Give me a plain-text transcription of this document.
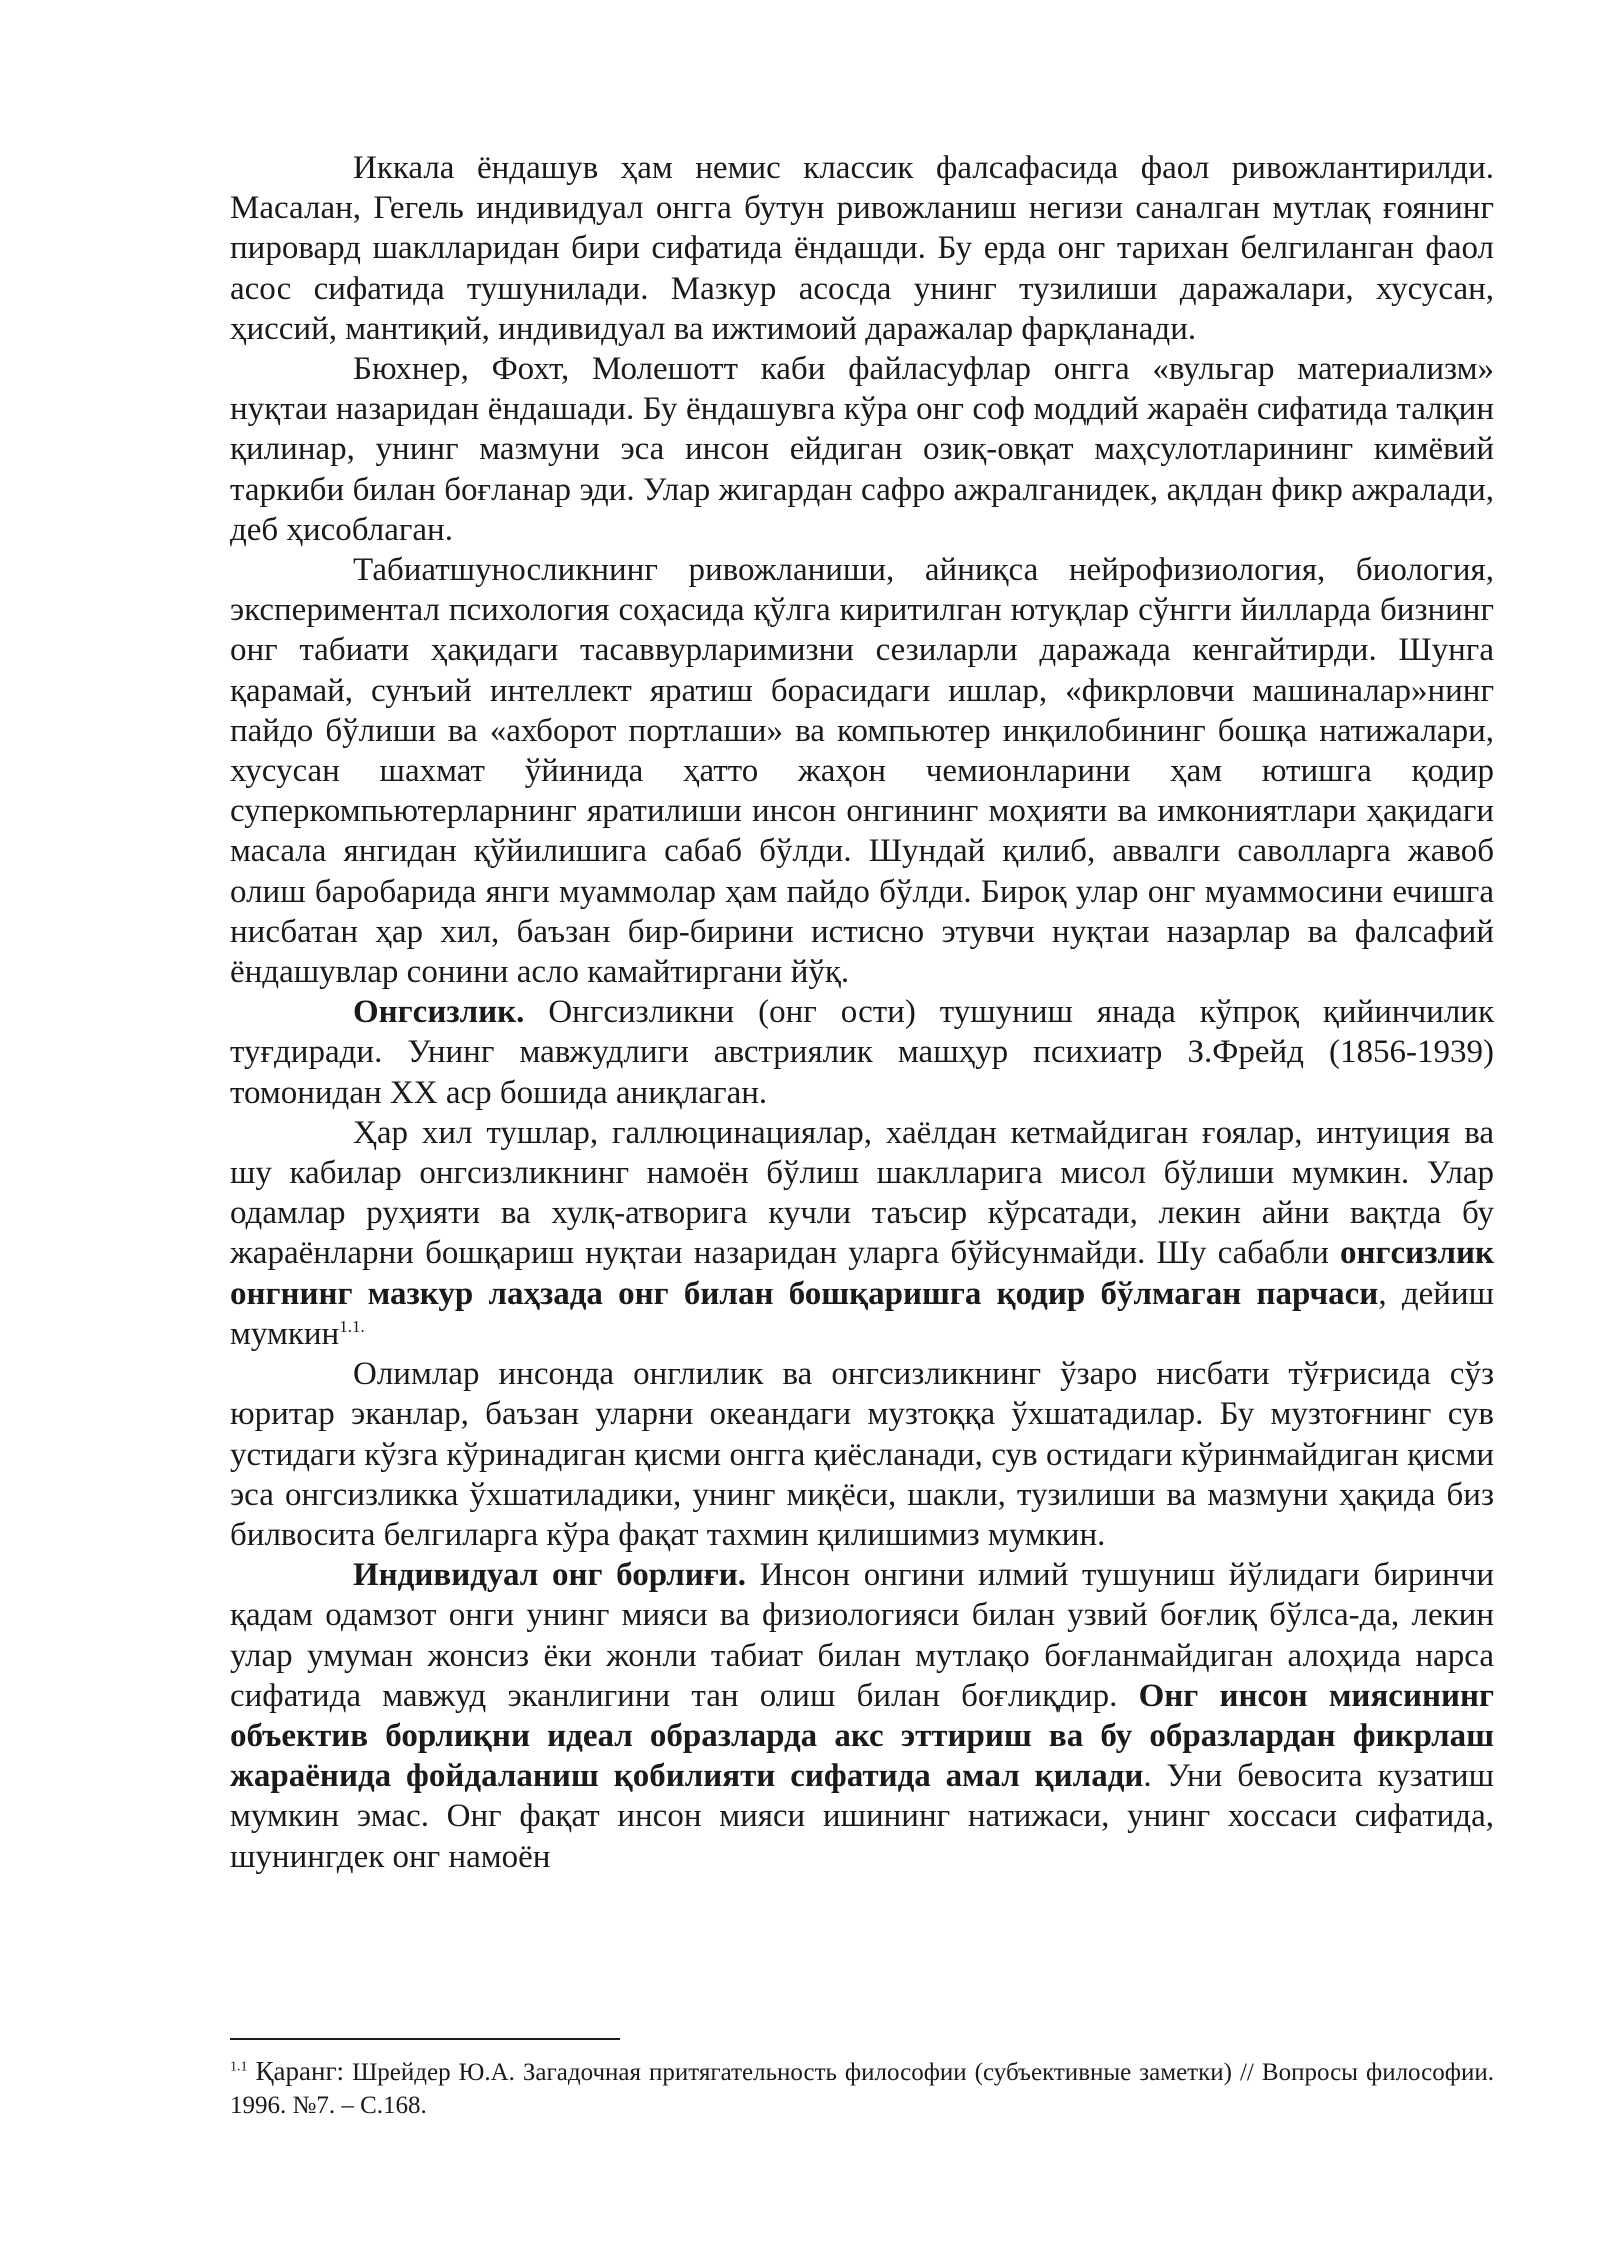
Иккала ёндашув ҳам немис классик фалсафасида фаол ривожлантирилди. Масалан, Гегель индивидуал онгга бутун ривожланиш негизи саналган мутлақ ғоянинг пировард шаклларидан бири сифатида ёндашди. Бу ерда онг тарихан белгиланган фаол асос сифатида тушунилади. Мазкур асосда унинг тузилиши даражалари, хусусан, ҳиссий, мантиқий, индивидуал ва ижтимоий даражалар фарқланади.

Бюхнер, Фохт, Молешотт каби файласуфлар онгга «вульгар материализм» нуқтаи назаридан ёндашади. Бу ёндашувга кўра онг соф моддий жараён сифатида талқин қилинар, унинг мазмуни эса инсон ейдиган озиқ-овқат маҳсулотларининг кимёвий таркиби билан боғланар эди. Улар жигардан сафро ажралганидек, ақлдан фикр ажралади, деб ҳисоблаган.

Табиатшуносликнинг ривожланиши, айниқса нейрофизиология, биология, экспериментал психология соҳасида қўлга киритилган ютуқлар сўнгги йилларда бизнинг онг табиати ҳақидаги тасаввурларимизни сезиларли даражада кенгайтирди. Шунга қарамай, сунъий интеллект яратиш борасидаги ишлар, «фикрловчи машиналар»нинг пайдо бўлиши ва «ахборот портлаши» ва компьютер инқилобининг бошқа натижалари, хусусан шахмат ўйинида ҳатто жаҳон чемионларини ҳам ютишга қодир суперкомпьютерларнинг яратилиши инсон онгининг моҳияти ва имкониятлари ҳақидаги масала янгидан қўйилишига сабаб бўлди. Шундай қилиб, аввалги саволларга жавоб олиш баробарида янги муаммолар ҳам пайдо бўлди. Бироқ улар онг муаммосини ечишга нисбатан ҳар хил, баъзан бир-бирини истисно этувчи нуқтаи назарлар ва фалсафий ёндашувлар сонини асло камайтиргани йўқ.

Онгсизлик. Онгсизликни (онг ости) тушуниш янада кўпроқ қийинчилик туғдиради. Унинг мавжудлиги австриялик машҳур психиатр З.Фрейд (1856-1939) томонидан XX аср бошида аниқлаган.

Ҳар хил тушлар, галлюцинациялар, хаёлдан кетмайдиган ғоялар, интуиция ва шу кабилар онгсизликнинг намоён бўлиш шаклларига мисол бўлиши мумкин. Улар одамлар руҳияти ва хулқ-атворига кучли таъсир кўрсатади, лекин айни вақтда бу жараёнларни бошқариш нуқтаи назаридан уларга бўйсунмайди. Шу сабабли онгсизлик онгнинг мазкур лаҳзада онг билан бошқаришга қодир бўлмаган парчаси, дейиш мумкин$^{1.1.}$

Олимлар инсонда онглилик ва онгсизликнинг ўзаро нисбати тўғрисида сўз юритар эканлар, баъзан уларни океандаги музтоққа ўхшатадилар. Бу музтоғнинг сув устидаги кўзга кўринадиган қисми онгга қиёсланади, сув остидаги кўринмайдиган қисми эса онгсизликка ўхшатиладики, унинг миқёси, шакли, тузилиши ва мазмуни ҳақида биз билвосита белгиларга кўра фақат тахмин қилишимиз мумкин.

Индивидуал онг борлиғи. Инсон онгини илмий тушуниш йўлидаги биринчи қадам одамзот онги унинг мияси ва физиологияси билан узвий боғлиқ бўлса-да, лекин улар умуман жонсиз ёки жонли табиат билан мутлақо боғланмайдиган алоҳида нарса сифатида мавжуд эканлигини тан олиш билан боғлиқдир. Онг инсон миясининг объектив борлиқни идеал образларда акс эттириш ва бу образлардан фикрлаш жараёнида фойдаланиш қобилияти сифатида амал қилади. Уни бевосита кузатиш мумкин эмас. Онг фақат инсон мияси ишининг натижаси, унинг хоссаси сифатида, шунингдек онг намоён

$^{1.1}$ Қаранг: Шрейдер Ю.А. Загадочная притягательность философии (субъективные заметки) // Вопросы философии. 1996. №7. – С.168.
